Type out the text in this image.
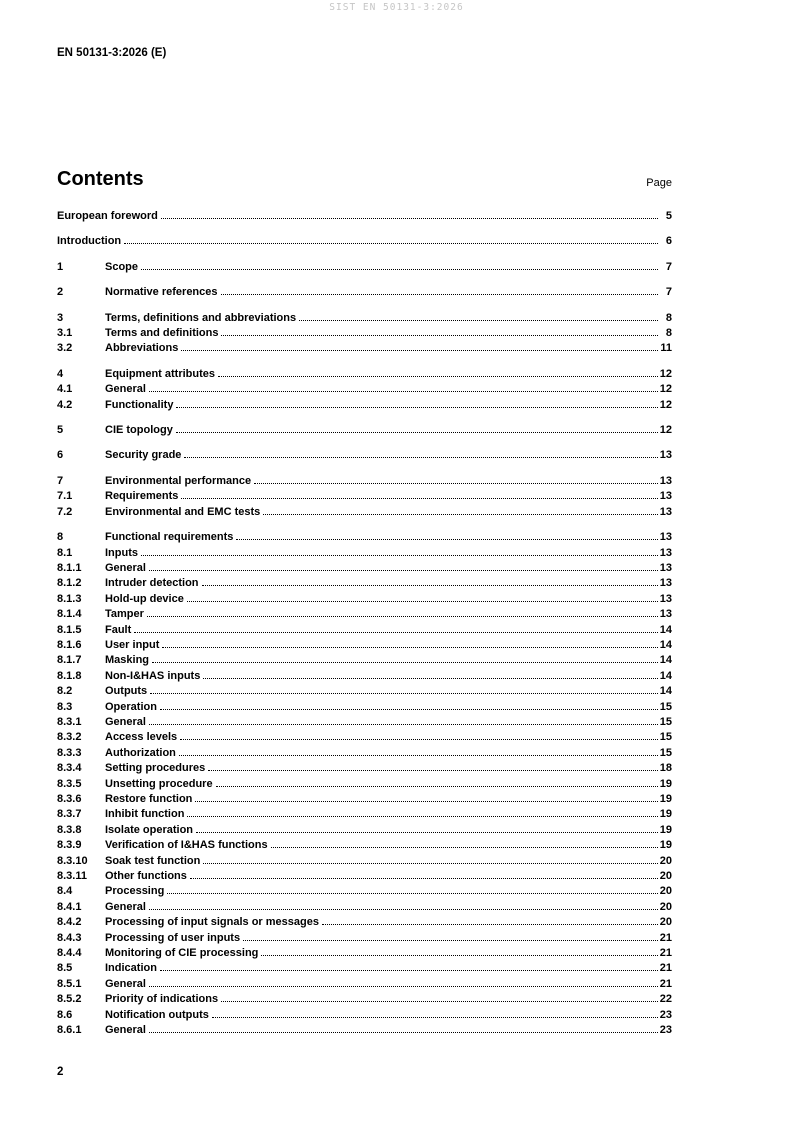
SIST EN 50131-3:2026
EN 50131-3:2026 (E)
Contents	Page
European foreword	5
Introduction	6
1	Scope	7
2	Normative references	7
3	Terms, definitions and abbreviations	8
3.1	Terms and definitions	8
3.2	Abbreviations	11
4	Equipment attributes	12
4.1	General	12
4.2	Functionality	12
5	CIE topology	12
6	Security grade	13
7	Environmental performance	13
7.1	Requirements	13
7.2	Environmental and EMC tests	13
8	Functional requirements	13
8.1	Inputs	13
8.1.1	General	13
8.1.2	Intruder detection	13
8.1.3	Hold-up device	13
8.1.4	Tamper	13
8.1.5	Fault	14
8.1.6	User input	14
8.1.7	Masking	14
8.1.8	Non-I&HAS inputs	14
8.2	Outputs	14
8.3	Operation	15
8.3.1	General	15
8.3.2	Access levels	15
8.3.3	Authorization	15
8.3.4	Setting procedures	18
8.3.5	Unsetting procedure	19
8.3.6	Restore function	19
8.3.7	Inhibit function	19
8.3.8	Isolate operation	19
8.3.9	Verification of I&HAS functions	19
8.3.10	Soak test function	20
8.3.11	Other functions	20
8.4	Processing	20
8.4.1	General	20
8.4.2	Processing of input signals or messages	20
8.4.3	Processing of user inputs	21
8.4.4	Monitoring of CIE processing	21
8.5	Indication	21
8.5.1	General	21
8.5.2	Priority of indications	22
8.6	Notification outputs	23
8.6.1	General	23
2
